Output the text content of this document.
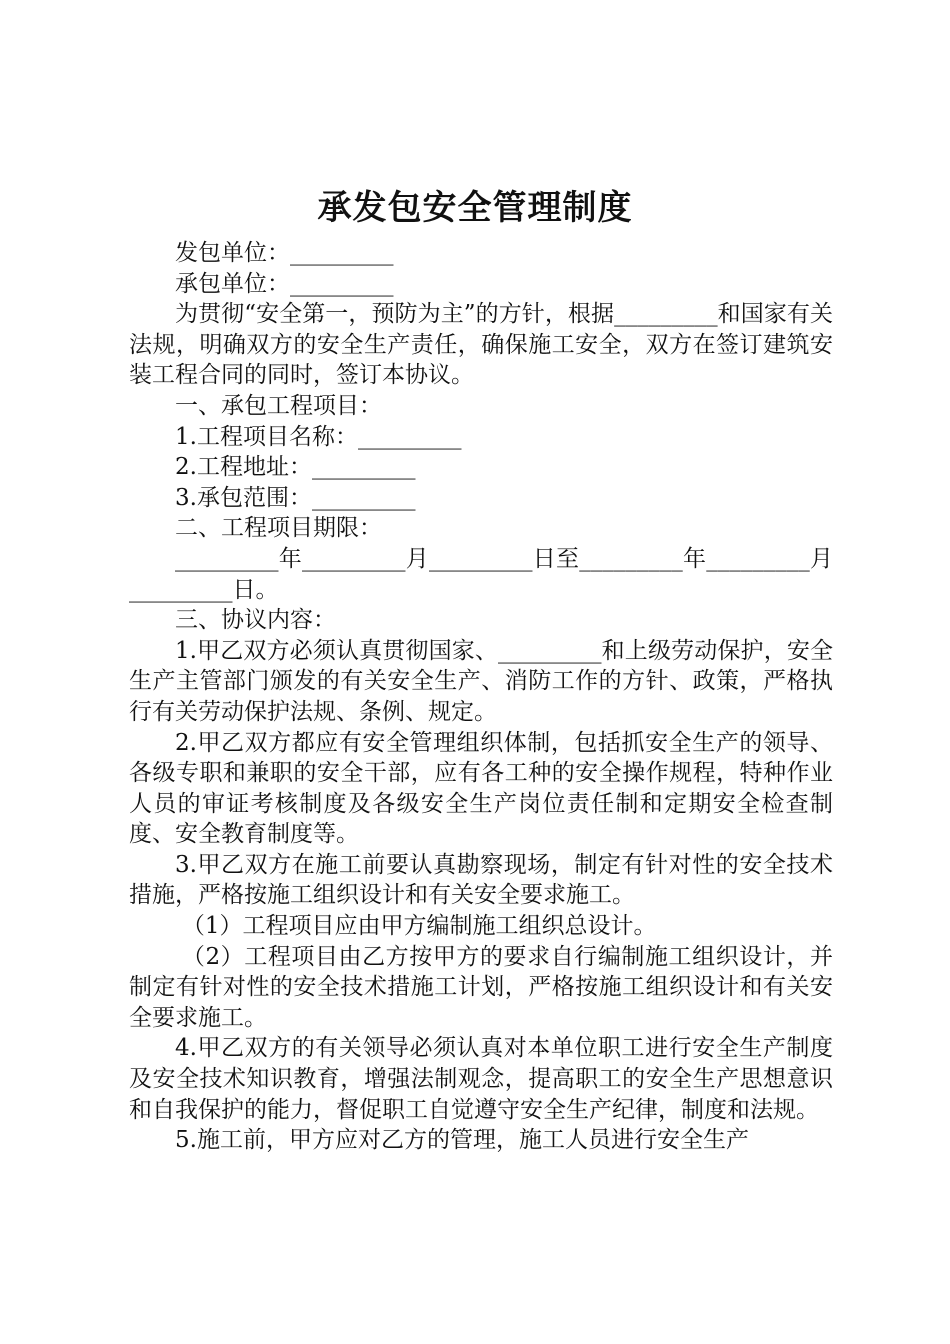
承发包安全管理制度

发包单位：_________

承包单位：_________

为贯彻“安全第一，预防为主”的方针，根据_________和国家有关法规，明确双方的安全生产责任，确保施工安全，双方在签订建筑安装工程合同的同时，签订本协议。

一、承包工程项目：

1.工程项目名称：_________

2.工程地址：_________

3.承包范围：_________

二、工程项目期限：

_________年_________月_________日至_________年_________月_________日。

三、协议内容：

1.甲乙双方必须认真贯彻国家、_________和上级劳动保护，安全生产主管部门颁发的有关安全生产、消防工作的方针、政策，严格执行有关劳动保护法规、条例、规定。

2.甲乙双方都应有安全管理组织体制，包括抓安全生产的领导、各级专职和兼职的安全干部，应有各工种的安全操作规程，特种作业人员的审证考核制度及各级安全生产岗位责任制和定期安全检查制度、安全教育制度等。

3.甲乙双方在施工前要认真勘察现场，制定有针对性的安全技术措施，严格按施工组织设计和有关安全要求施工。

（1）工程项目应由甲方编制施工组织总设计。

（2）工程项目由乙方按甲方的要求自行编制施工组织设计，并制定有针对性的安全技术措施工计划，严格按施工组织设计和有关安全要求施工。

4.甲乙双方的有关领导必须认真对本单位职工进行安全生产制度及安全技术知识教育，增强法制观念，提高职工的安全生产思想意识和自我保护的能力，督促职工自觉遵守安全生产纪律，制度和法规。

5.施工前，甲方应对乙方的管理，施工人员进行安全生产
